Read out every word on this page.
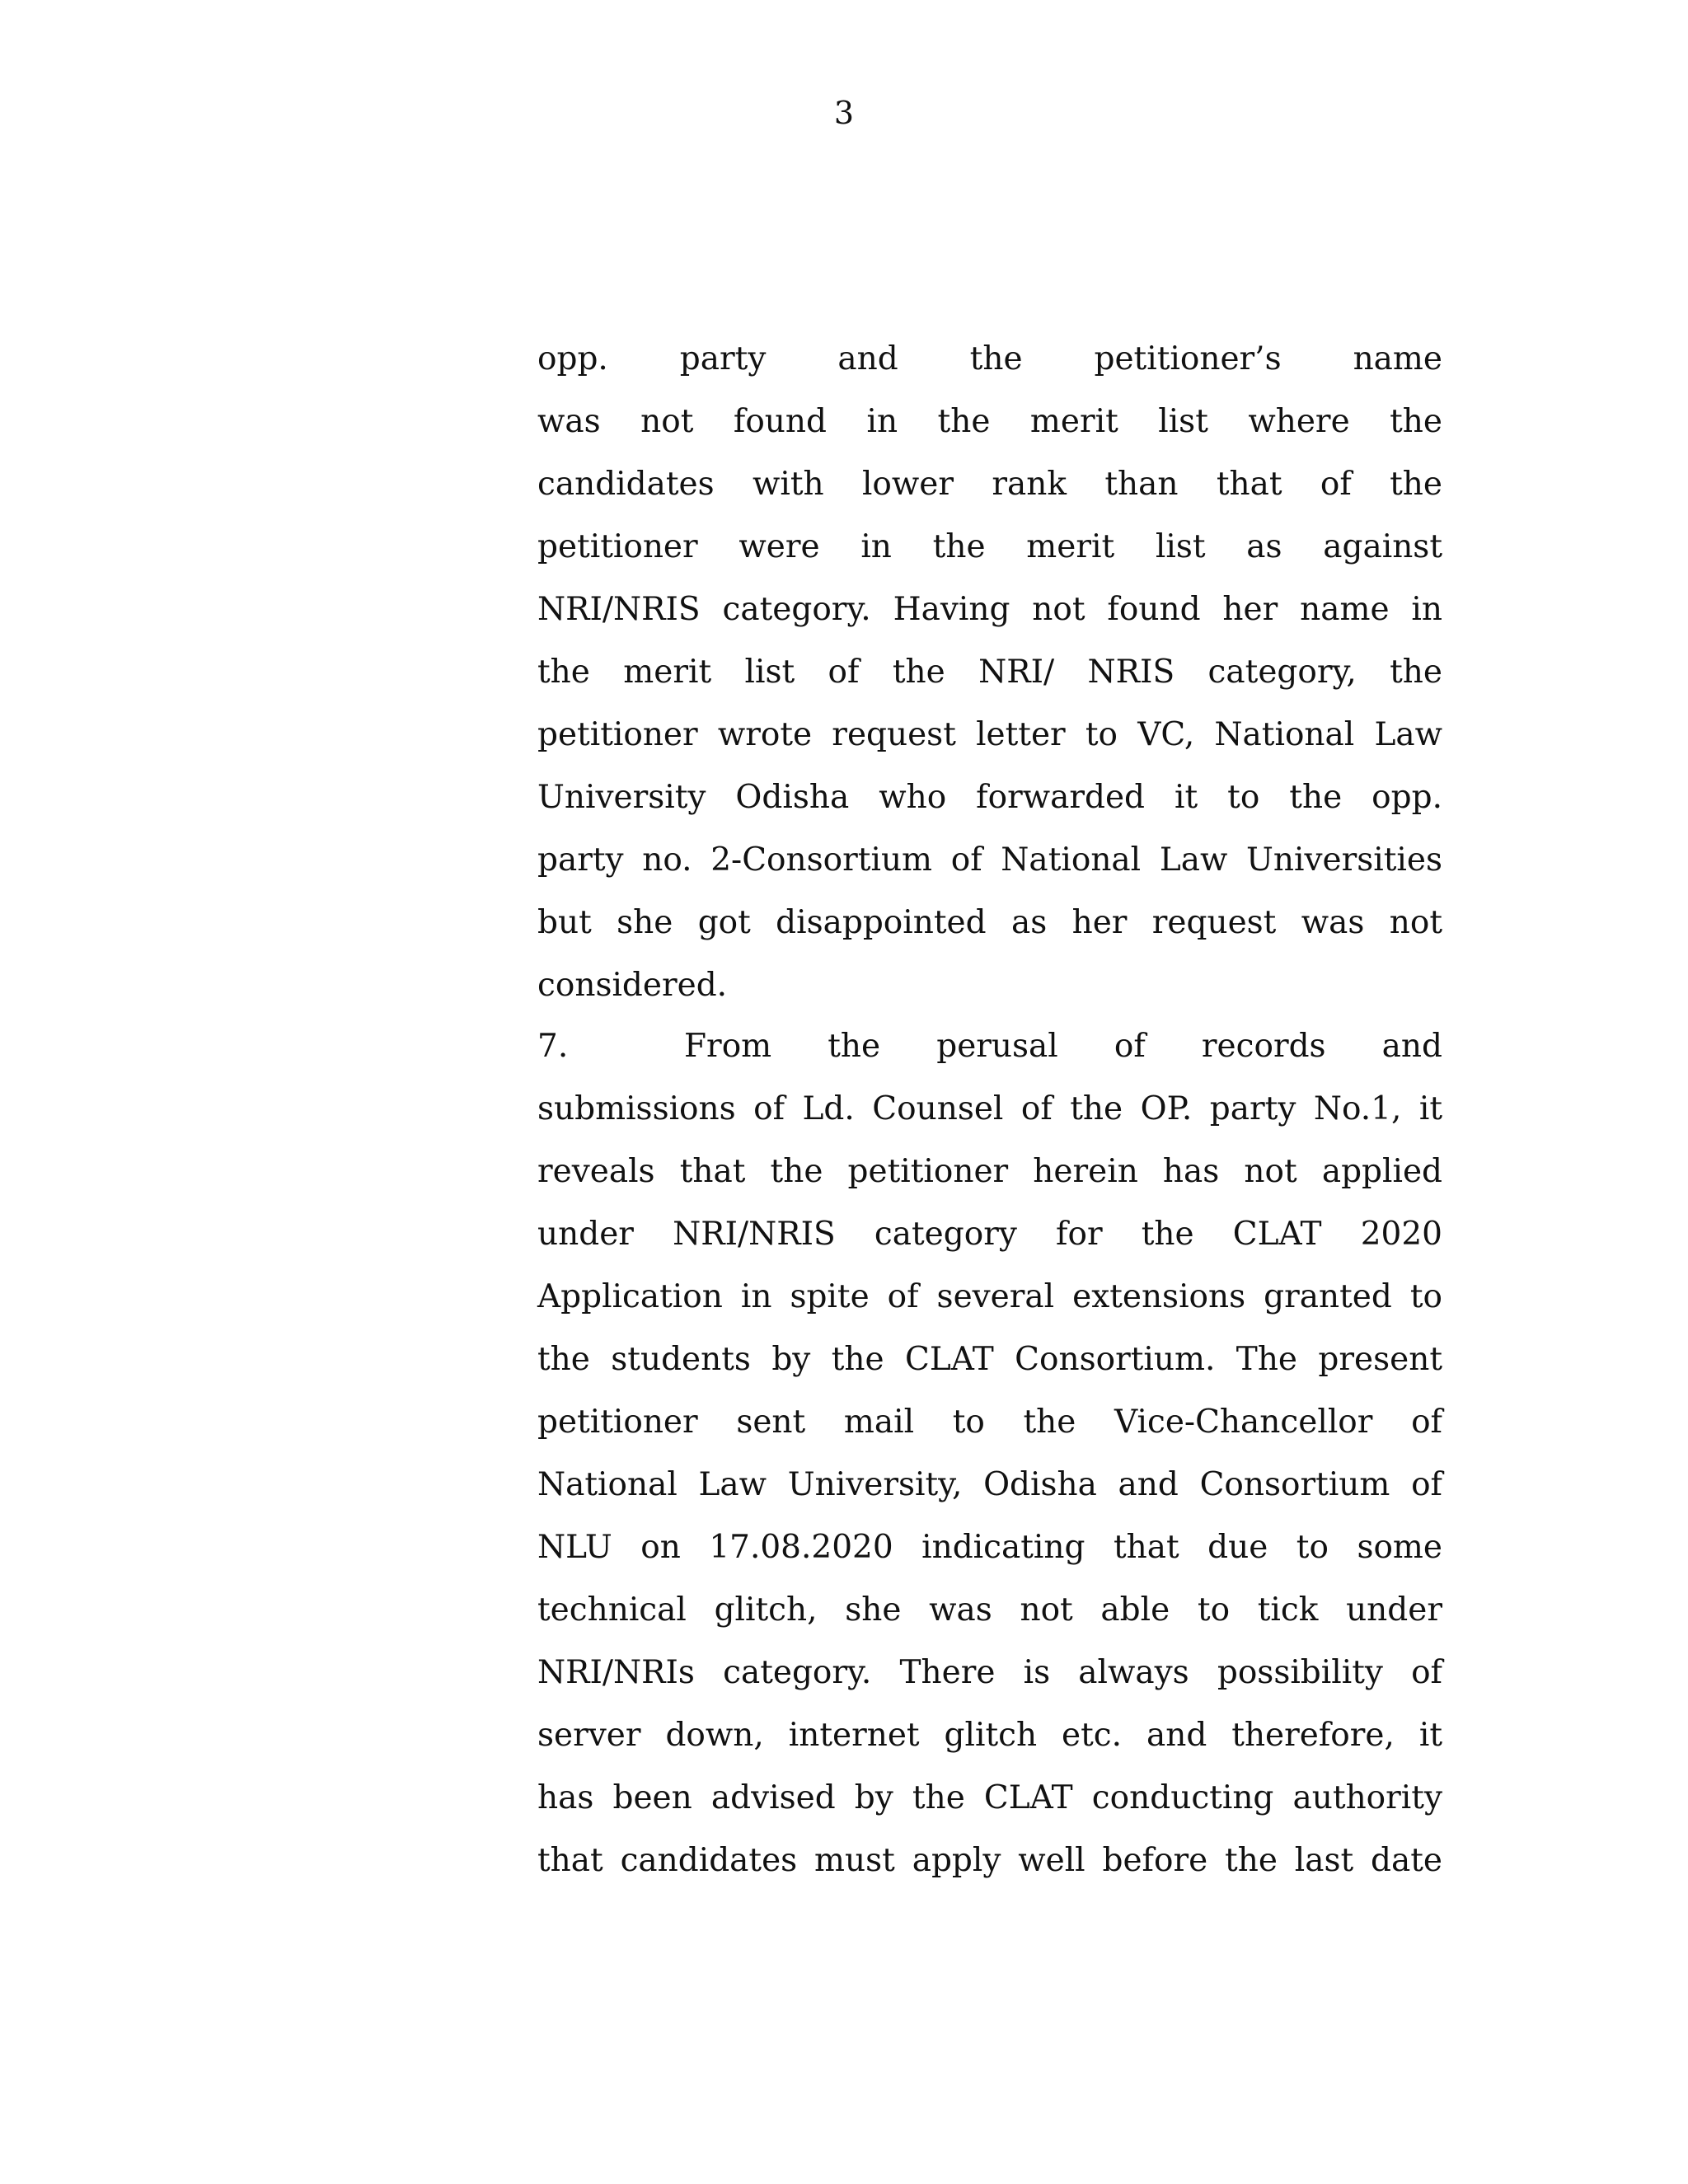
3
opp. party and the petitioner’s name
was not found in the merit list where the
candidates with lower rank than that of the
petitioner were in the merit list as against
NRI/NRIS category. Having not found her name in
the merit list of the NRI/ NRIS category, the
petitioner wrote request letter to VC, National Law
University Odisha who forwarded it to the opp.
party no. 2-Consortium of National Law Universities
but she got disappointed as her request was not
considered.
7.	From the perusal of records and
submissions of Ld. Counsel of the OP. party No.1, it
reveals that the petitioner herein has not applied
under NRI/NRIS category for the CLAT 2020
Application in spite of several extensions granted to
the students by the CLAT Consortium. The present
petitioner sent mail to the Vice-Chancellor of
National Law University, Odisha and Consortium of
NLU on 17.08.2020 indicating that due to some
technical glitch, she was not able to tick under
NRI/NRIs category. There is always possibility of
server down, internet glitch etc. and therefore, it
has been advised by the CLAT conducting authority
that candidates must apply well before the last date
